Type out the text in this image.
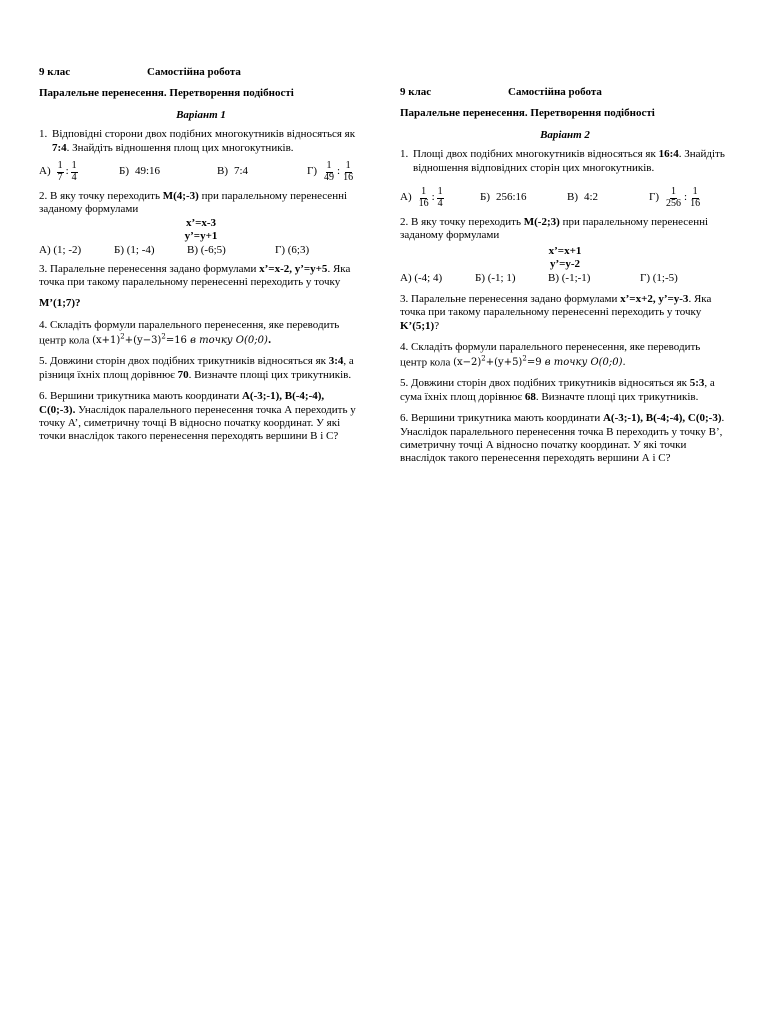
9 клас	Самостійна робота
Паралельне перенесення. Перетворення подібності
Варіант 1
1. Відповідні сторони двох подібних многокутників відносяться як 7:4. Знайдіть відношення площ цих многокутників.
$А) \frac{1}{7}$ : $\frac{1}{4}$	Б) 49:16	В) 7:4	$Г) \frac{1}{49}$ : $\frac{1}{16}$
2. В яку точку переходить M(4;-3) при паралельному перенесенні заданому формулами
x’=x-3
y’=y+1
А) (1; -2)	Б) (1; -4)	В) (-6;5)	Г) (6;3)
3. Паралельне перенесення задано формулами x’=x-2, y’=y+5. Яка точка при такому паралельному перенесенні переходить у точку
M’(1;7)?
4. Складіть формули паралельного перенесення, яке переводить центр кола $(x+1)^2+(y-3)^2=16$ в точку O(0;0).
5. Довжини сторін двох подібних трикутників відносяться як 3:4, а різниця їхніх площ дорівнює 70. Визначте площі цих трикутників.
6. Вершини трикутника мають координати A(-3;-1), B(-4;-4), C(0;-3). Унаслідок паралельного перенесення точка А переходить у точку A’, симетричну точці В відносно початку координат. У які точки внаслідок такого перенесення переходять вершини В і С?
9 клас	Самостійна робота
Паралельне перенесення. Перетворення подібності
Варіант 2
1. Площі двох подібних многокутників відносяться як 16:4. Знайдіть відношення відповідних сторін цих многокутників.
$А) \frac{1}{16}$ : $\frac{1}{4}$	Б) 256:16	В) 4:2	$Г) \frac{1}{256}$ : $\frac{1}{16}$
2. В яку точку переходить M(-2;3) при паралельному перенесенні заданому формулами
x’=x+1
y’=y-2
А) (-4; 4)	Б) (-1; 1)	В) (-1;-1)	Г) (1;-5)
3. Паралельне перенесення задано формулами x’=x+2, y’=y-3. Яка точка при такому паралельному перенесенні переходить у точку K’(5;1)?
4. Складіть формули паралельного перенесення, яке переводить центр кола $(x-2)^2+(y+5)^2=9$ в точку O(0;0).
5. Довжини сторін двох подібних трикутників відносяться як 5:3, а сума їхніх площ дорівнює 68. Визначте площі цих трикутників.
6. Вершини трикутника мають координати A(-3;-1), B(-4;-4), C(0;-3). Унаслідок паралельного перенесення точка В переходить у точку B’, симетричну точці А відносно початку координат. У які точки внаслідок такого перенесення переходять вершини А і С?
